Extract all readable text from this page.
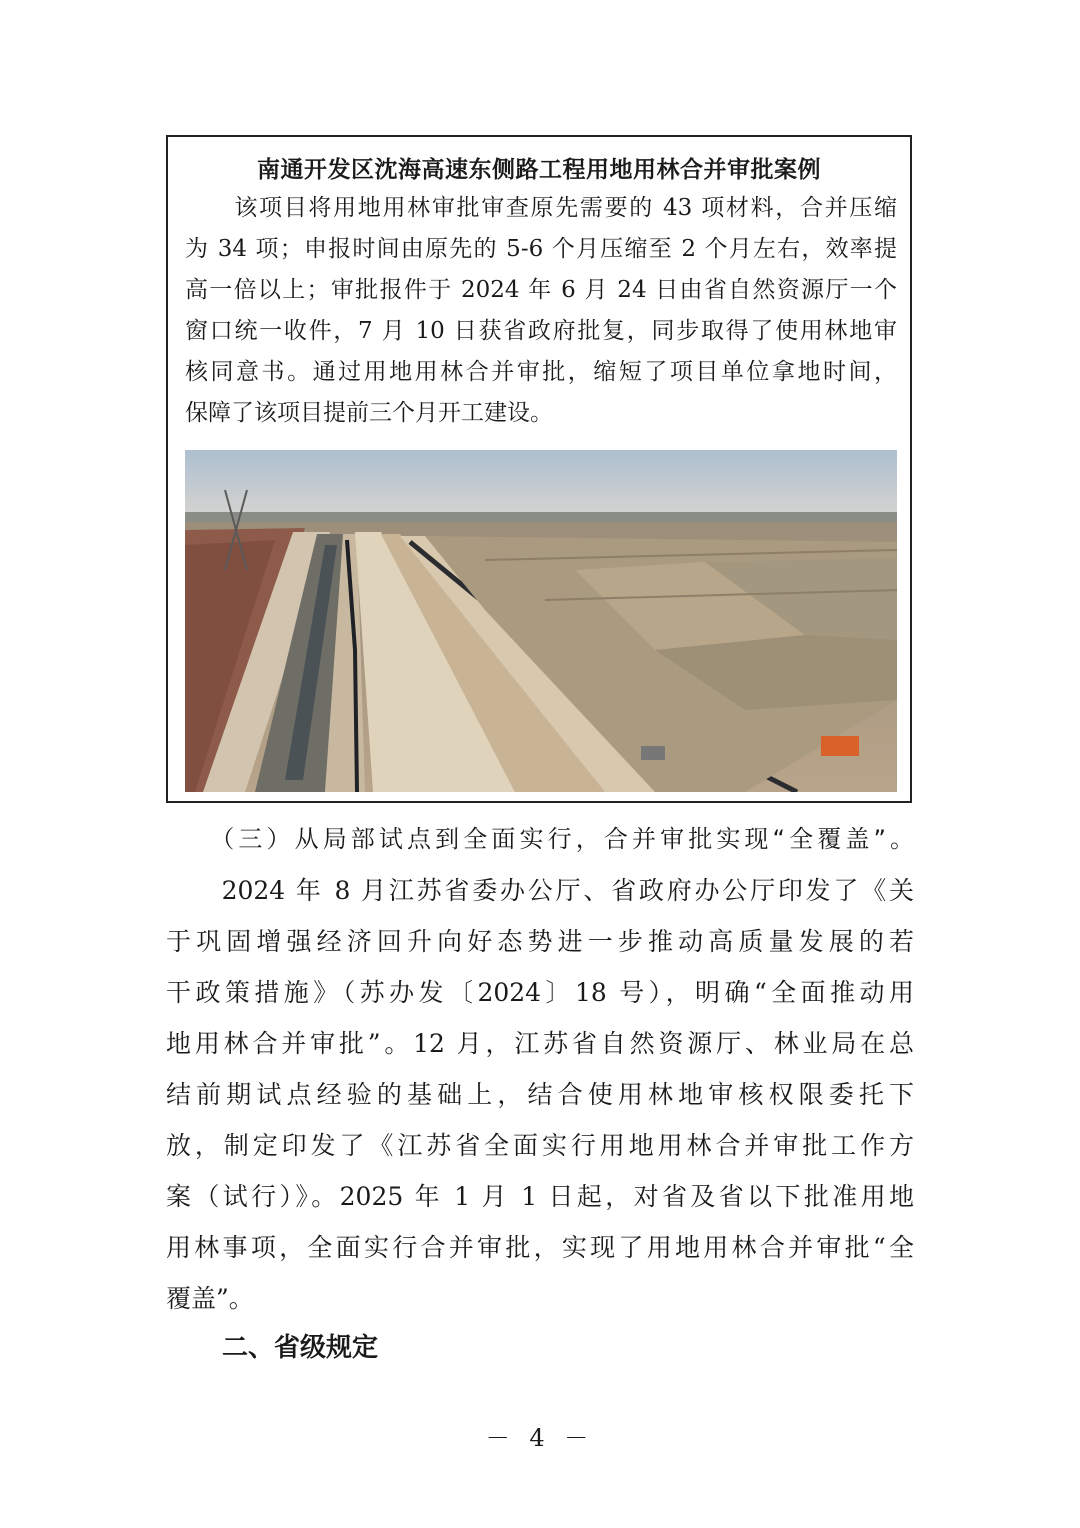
南通开发区沈海高速东侧路工程用地用林合并审批案例
　　该项目将用地用林审批审查原先需要的 43 项材料，合并压缩
为 34 项；申报时间由原先的 5-6 个月压缩至 2 个月左右，效率提
高一倍以上；审批报件于 2024 年 6 月 24 日由省自然资源厅一个
窗口统一收件，7 月 10 日获省政府批复，同步取得了使用林地审
核同意书。通过用地用林合并审批，缩短了项目单位拿地时间，
保障了该项目提前三个月开工建设。
　　（三）从局部试点到全面实行，合并审批实现“全覆盖”。
　　2024 年 8 月江苏省委办公厅、省政府办公厅印发了《关
于巩固增强经济回升向好态势进一步推动高质量发展的若
干政策措施》（苏办发〔2024〕18 号），明确“全面推动用
地用林合并审批”。12 月，江苏省自然资源厅、林业局在总
结前期试点经验的基础上，结合使用林地审核权限委托下
放，制定印发了《江苏省全面实行用地用林合并审批工作方
案（试行）》。2025 年 1 月 1 日起，对省及省以下批准用地
用林事项，全面实行合并审批，实现了用地用林合并审批“全
覆盖”。
二、省级规定
－ 4 －
